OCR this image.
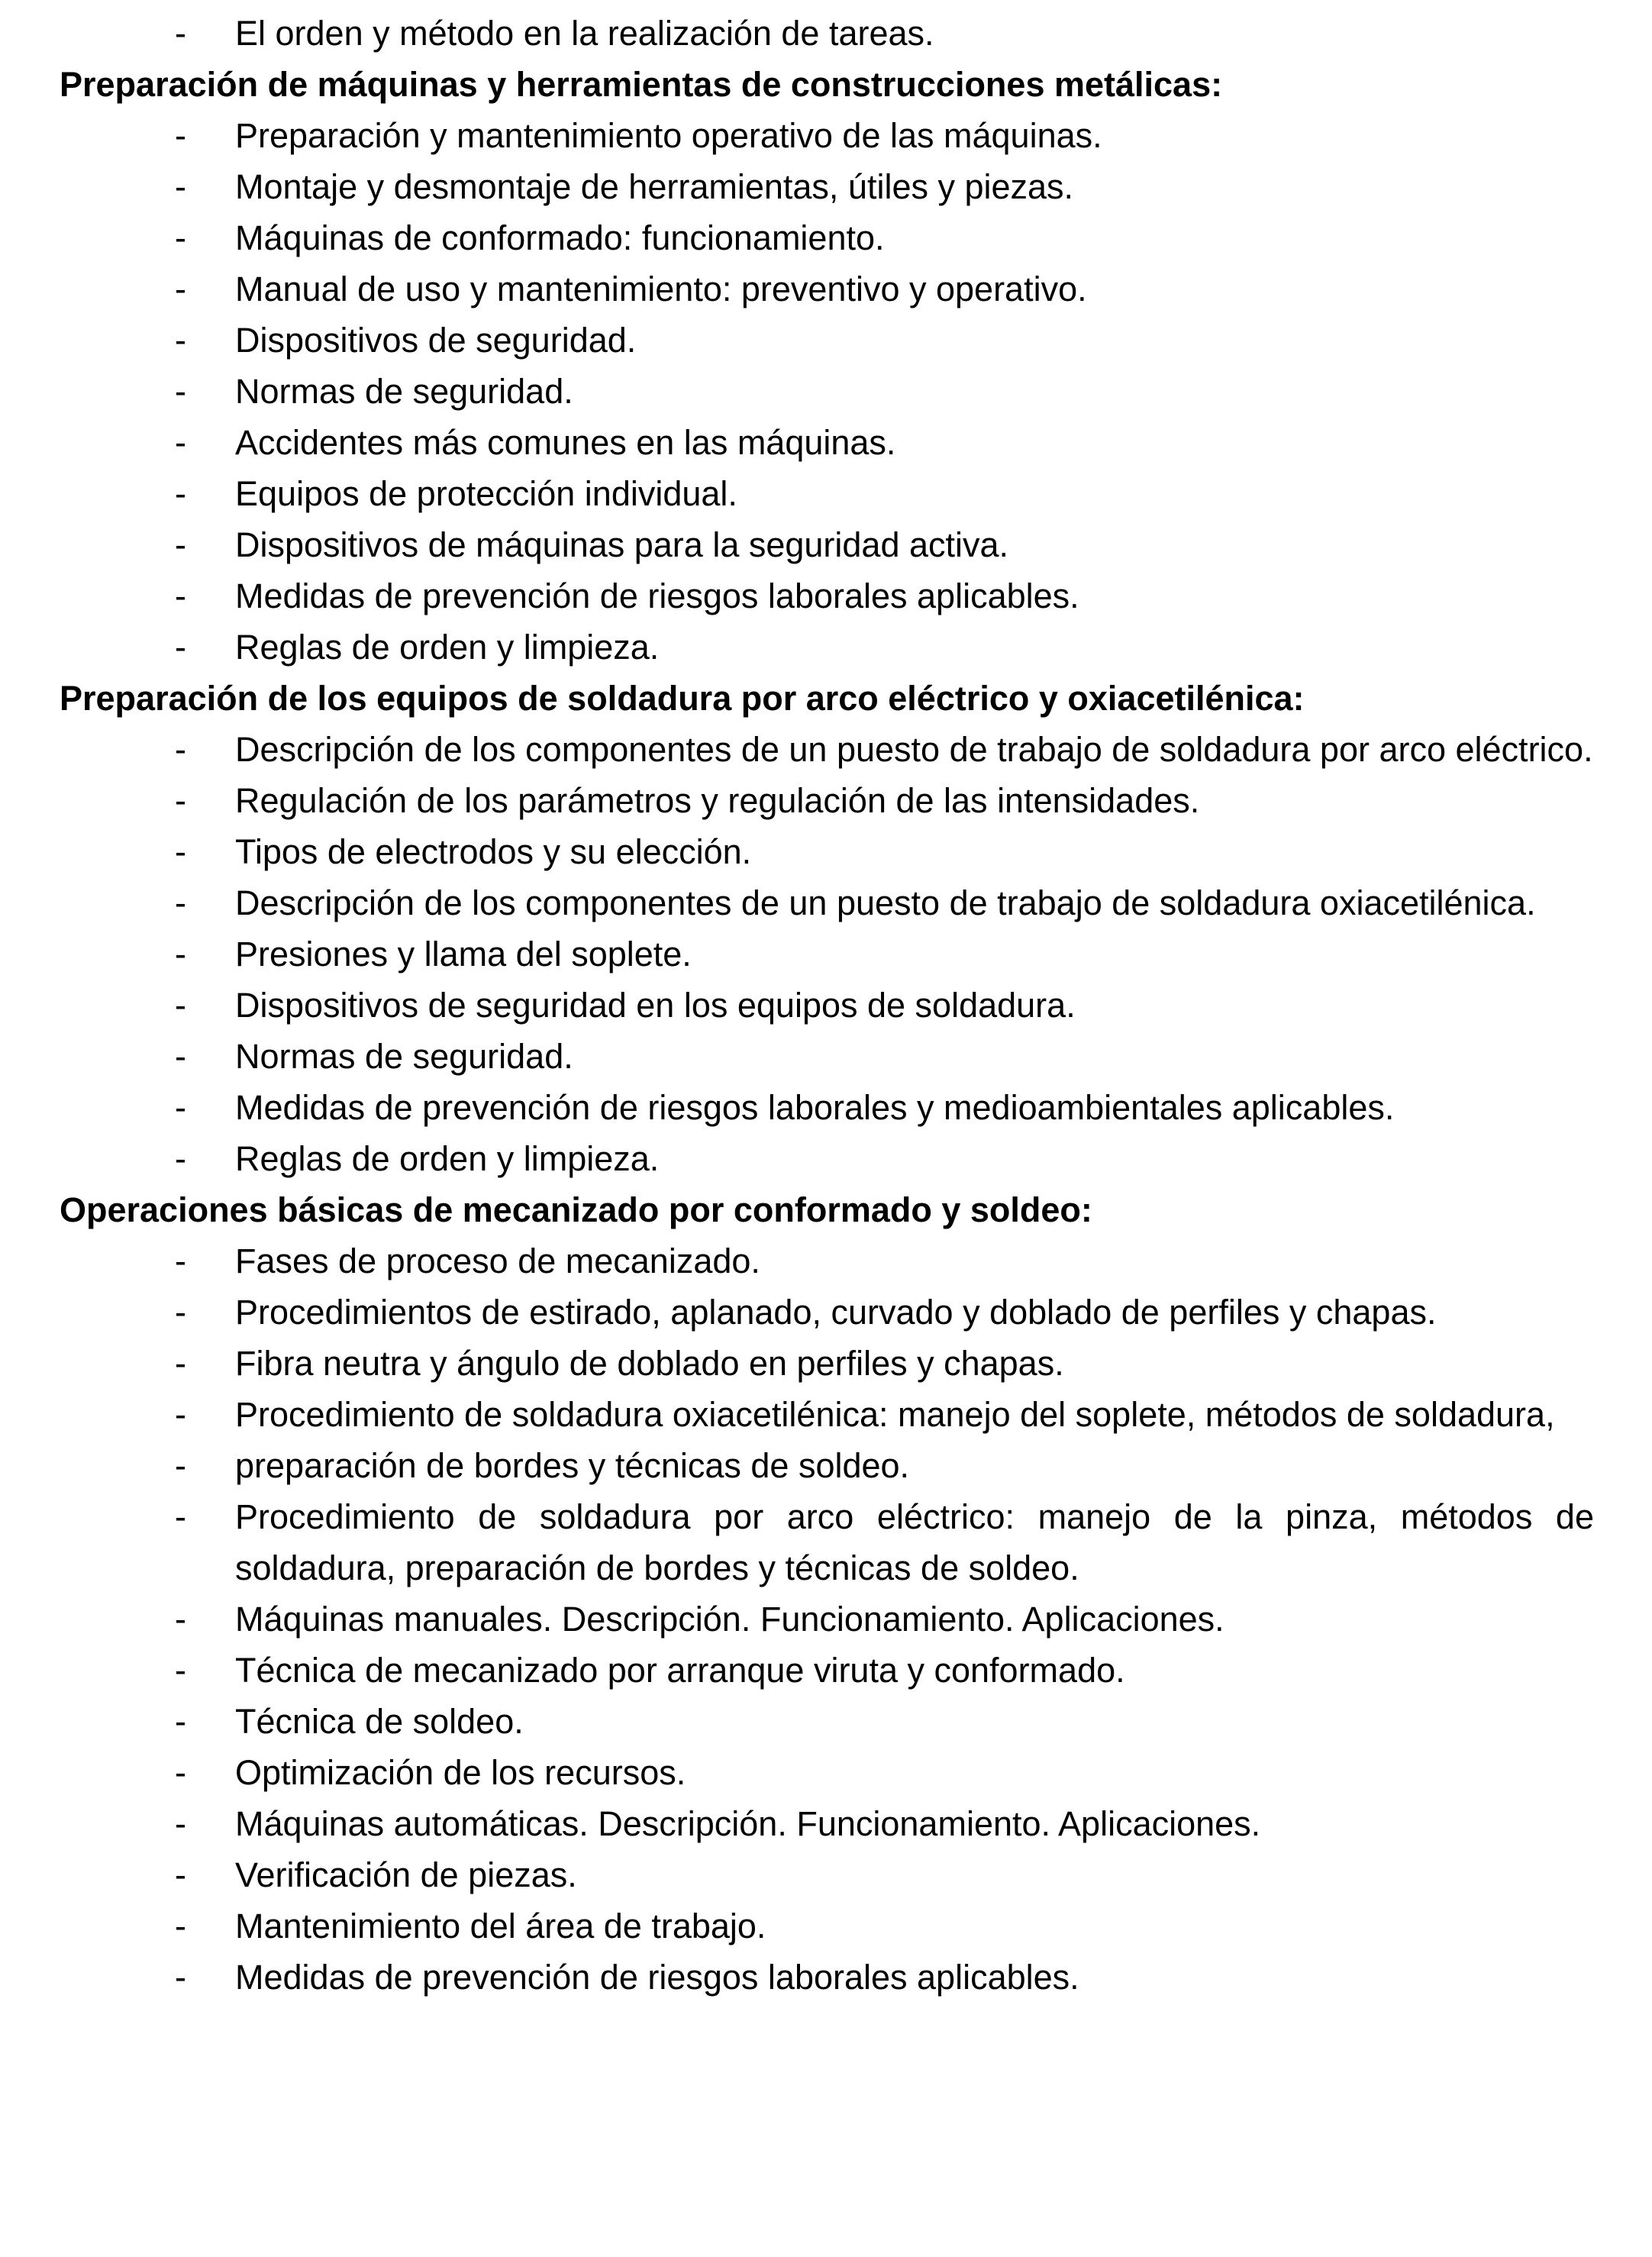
- El orden y método en la realización de tareas.
Preparación de máquinas y herramientas de construcciones metálicas:
- Preparación y mantenimiento operativo de las máquinas.
- Montaje y desmontaje de herramientas, útiles y piezas.
- Máquinas de conformado: funcionamiento.
- Manual de uso y mantenimiento: preventivo y operativo.
- Dispositivos de seguridad.
- Normas de seguridad.
- Accidentes más comunes en las máquinas.
- Equipos de protección individual.
- Dispositivos de máquinas para la seguridad activa.
- Medidas de prevención de riesgos laborales aplicables.
- Reglas de orden y limpieza.
Preparación de los equipos de soldadura por arco eléctrico y oxiacetilénica:
- Descripción de los componentes de un puesto de trabajo de soldadura por arco eléctrico.
- Regulación de los parámetros y regulación de las intensidades.
- Tipos de electrodos y su elección.
- Descripción de los componentes de un puesto de trabajo de soldadura oxiacetilénica.
- Presiones y llama del soplete.
- Dispositivos de seguridad en los equipos de soldadura.
- Normas de seguridad.
- Medidas de prevención de riesgos laborales y medioambientales aplicables.
- Reglas de orden y limpieza.
Operaciones básicas de mecanizado por conformado y soldeo:
- Fases de proceso de mecanizado.
- Procedimientos de estirado, aplanado, curvado y doblado de perfiles y chapas.
- Fibra neutra y ángulo de doblado en perfiles y chapas.
- Procedimiento de soldadura oxiacetilénica: manejo del soplete, métodos de soldadura,
- preparación de bordes y técnicas de soldeo.
- Procedimiento de soldadura por arco eléctrico: manejo de la pinza, métodos de soldadura, preparación de bordes y técnicas de soldeo.
- Máquinas manuales. Descripción. Funcionamiento. Aplicaciones.
- Técnica de mecanizado por arranque viruta y conformado.
- Técnica de soldeo.
- Optimización de los recursos.
- Máquinas automáticas. Descripción. Funcionamiento. Aplicaciones.
- Verificación de piezas.
- Mantenimiento del área de trabajo.
- Medidas de prevención de riesgos laborales aplicables.
